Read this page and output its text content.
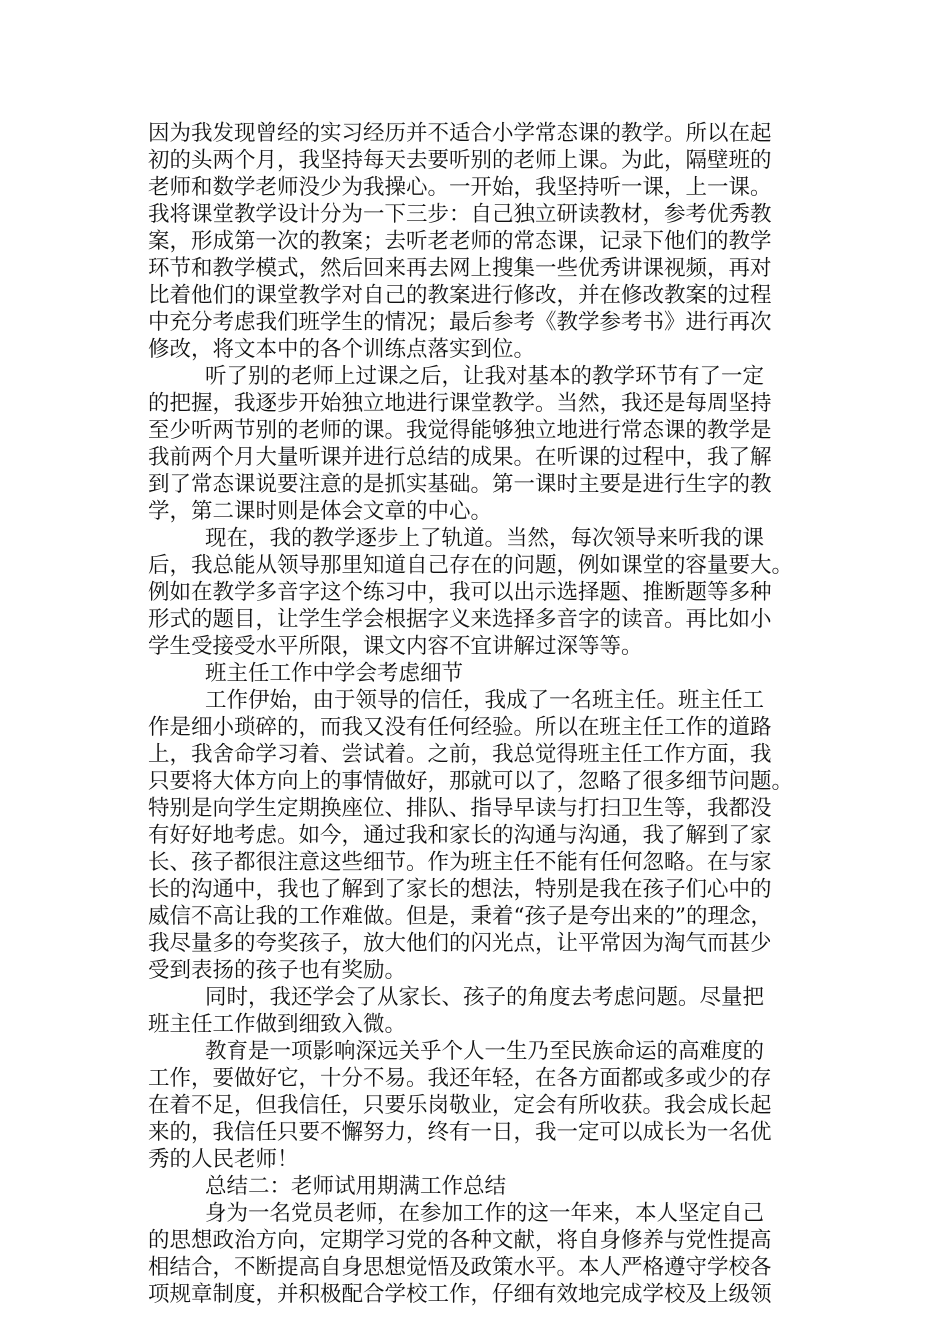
因为我发现曾经的实习经历并不适合小学常态课的教学。所以在起
初的头两个月，我坚持每天去要听别的老师上课。为此，隔壁班的
老师和数学老师没少为我操心。一开始，我坚持听一课，上一课。
我将课堂教学设计分为一下三步：自己独立研读教材，参考优秀教
案，形成第一次的教案；去听老老师的常态课，记录下他们的教学
环节和教学模式，然后回来再去网上搜集一些优秀讲课视频，再对
比着他们的课堂教学对自己的教案进行修改，并在修改教案的过程
中充分考虑我们班学生的情况；最后参考《教学参考书》进行再次
修改，将文本中的各个训练点落实到位。
听了别的老师上过课之后，让我对基本的教学环节有了一定
的把握，我逐步开始独立地进行课堂教学。当然，我还是每周坚持
至少听两节别的老师的课。我觉得能够独立地进行常态课的教学是
我前两个月大量听课并进行总结的成果。在听课的过程中，我了解
到了常态课说要注意的是抓实基础。第一课时主要是进行生字的教
学，第二课时则是体会文章的中心。
现在，我的教学逐步上了轨道。当然，每次领导来听我的课
后，我总能从领导那里知道自己存在的问题，例如课堂的容量要大。
例如在教学多音字这个练习中，我可以出示选择题、推断题等多种
形式的题目，让学生学会根据字义来选择多音字的读音。再比如小
学生受接受水平所限，课文内容不宜讲解过深等等。
班主任工作中学会考虑细节
工作伊始，由于领导的信任，我成了一名班主任。班主任工
作是细小琐碎的，而我又没有任何经验。所以在班主任工作的道路
上，我舍命学习着、尝试着。之前，我总觉得班主任工作方面，我
只要将大体方向上的事情做好，那就可以了，忽略了很多细节问题。
特别是向学生定期换座位、排队、指导早读与打扫卫生等，我都没
有好好地考虑。如今，通过我和家长的沟通与沟通，我了解到了家
长、孩子都很注意这些细节。作为班主任不能有任何忽略。在与家
长的沟通中，我也了解到了家长的想法，特别是我在孩子们心中的
威信不高让我的工作难做。但是，秉着“孩子是夸出来的”的理念，
我尽量多的夸奖孩子，放大他们的闪光点，让平常因为淘气而甚少
受到表扬的孩子也有奖励。
同时，我还学会了从家长、孩子的角度去考虑问题。尽量把
班主任工作做到细致入微。
教育是一项影响深远关乎个人一生乃至民族命运的高难度的
工作，要做好它，十分不易。我还年轻，在各方面都或多或少的存
在着不足，但我信任，只要乐岗敬业，定会有所收获。我会成长起
来的，我信任只要不懈努力，终有一日，我一定可以成长为一名优
秀的人民老师！
总结二：老师试用期满工作总结
身为一名党员老师，在参加工作的这一年来，本人坚定自己
的思想政治方向，定期学习党的各种文献，将自身修养与党性提高
相结合，不断提高自身思想觉悟及政策水平。本人严格遵守学校各
项规章制度，并积极配合学校工作，仔细有效地完成学校及上级领
